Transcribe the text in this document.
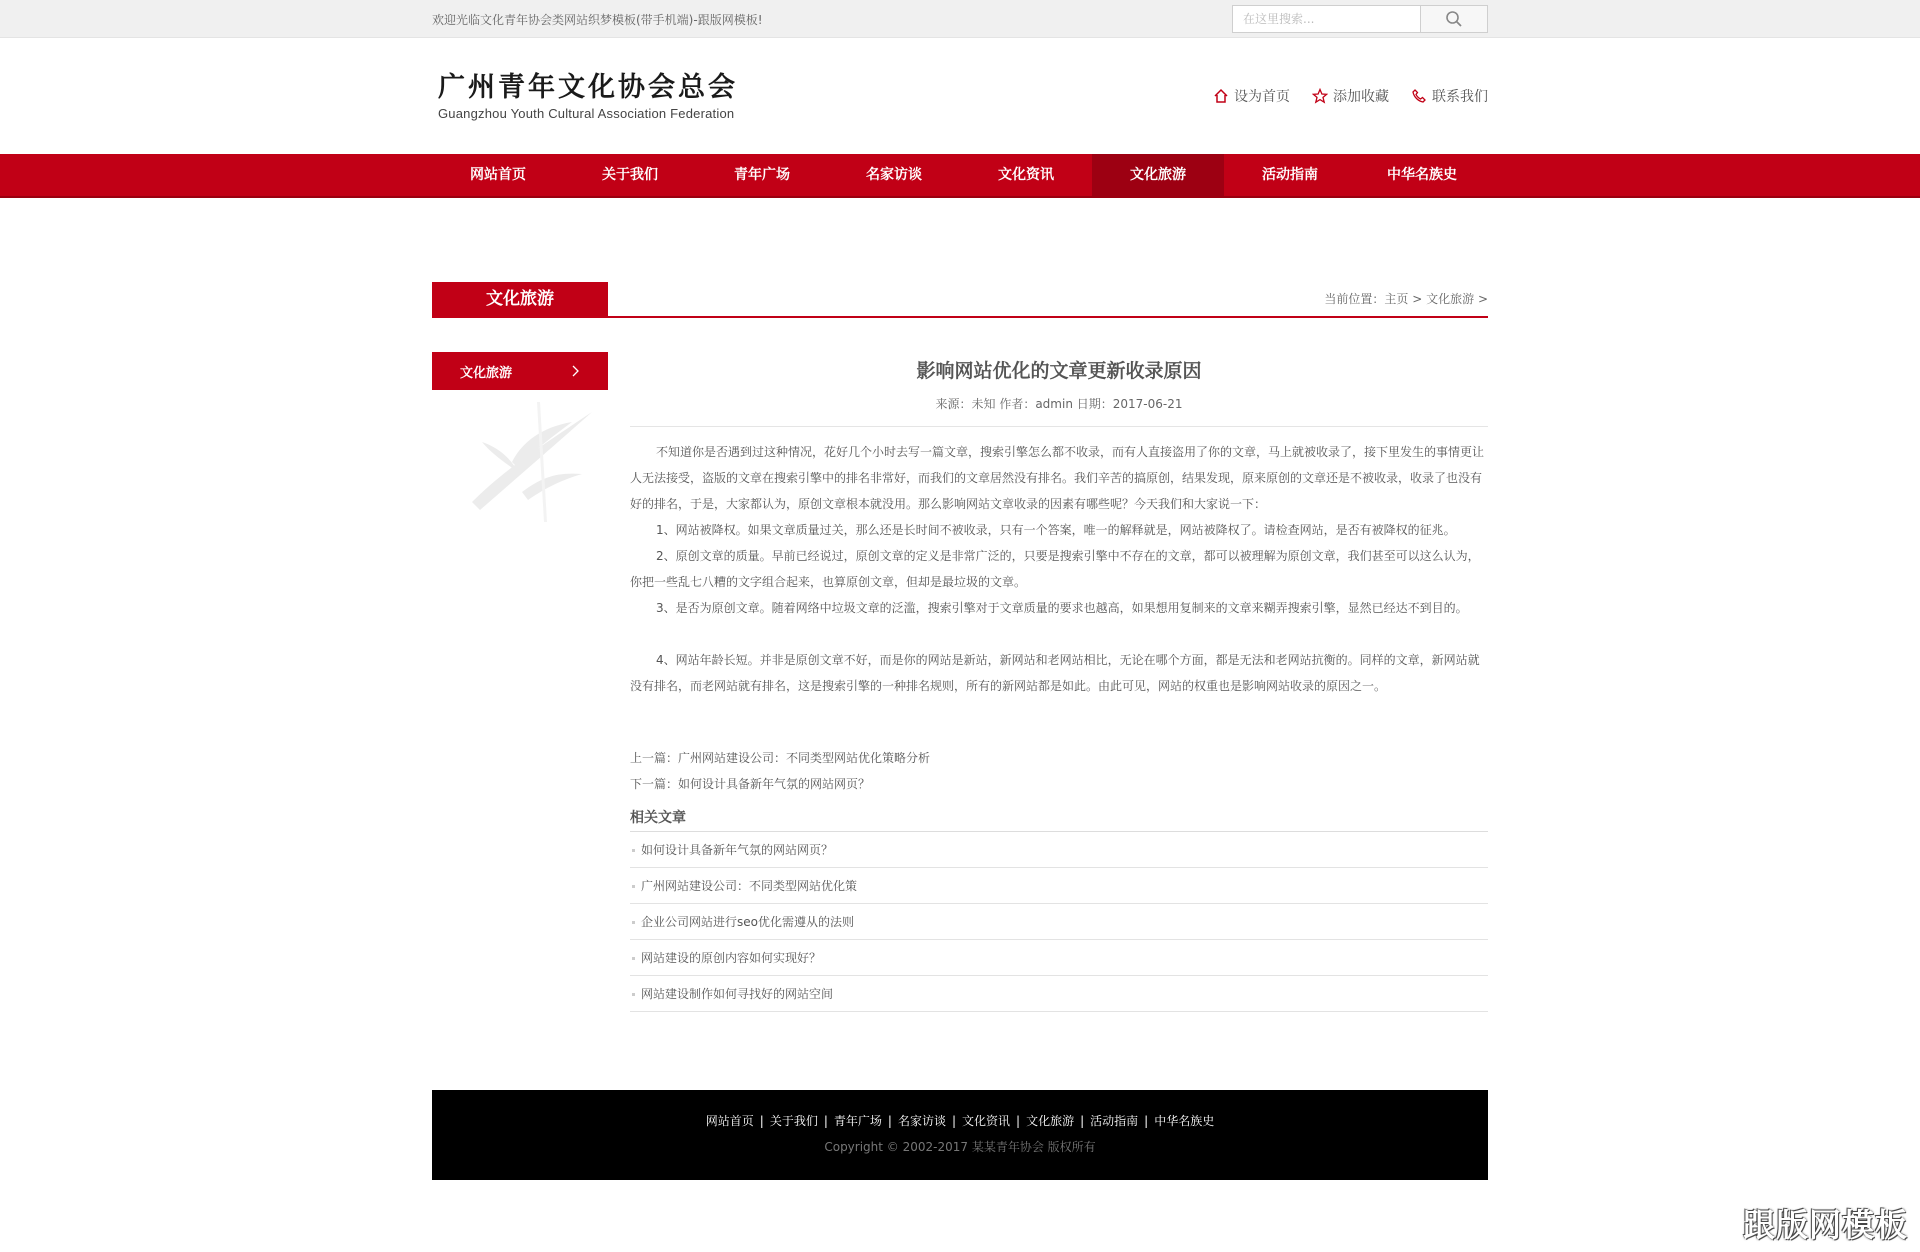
欢迎光临文化青年协会类网站织梦模板(带手机端)-跟版网模板!
在这里搜索...
广州青年文化协会总会
Guangzhou Youth Cultural Association Federation
设为首页	添加收藏	联系我们
网站首页	关于我们	青年广场	名家访谈	文化资讯	文化旅游	活动指南	中华名族史
文化旅游	当前位置：主页 > 文化旅游 >
文化旅游	影响网站优化的文章更新收录原因
来源：未知 作者：admin 日期：2017-06-21

不知道你是否遇到过这种情况，花好几个小时去写一篇文章，搜索引擎怎么都不收录，而有人直接盗用了你的文章，马上就被收录了，接下里发生的事情更让人无法接受，盗版的文章在搜索引擎中的排名非常好，而我们的文章居然没有排名。我们辛苦的搞原创，结果发现，原来原创的文章还是不被收录，收录了也没有好的排名，于是，大家都认为，原创文章根本就没用。那么影响网站文章收录的因素有哪些呢？今天我们和大家说一下：

1、网站被降权。如果文章质量过关，那么还是长时间不被收录，只有一个答案，唯一的解释就是，网站被降权了。请检查网站，是否有被降权的征兆。

2、原创文章的质量。早前已经说过，原创文章的定义是非常广泛的，只要是搜索引擎中不存在的文章，都可以被理解为原创文章，我们甚至可以这么认为，你把一些乱七八糟的文字组合起来，也算原创文章，但却是最垃圾的文章。

3、是否为原创文章。随着网络中垃圾文章的泛滥，搜索引擎对于文章质量的要求也越高，如果想用复制来的文章来糊弄搜索引擎，显然已经达不到目的。

4、网站年龄长短。并非是原创文章不好，而是你的网站是新站，新网站和老网站相比，无论在哪个方面，都是无法和老网站抗衡的。同样的文章，新网站就没有排名，而老网站就有排名，这是搜索引擎的一种排名规则，所有的新网站都是如此。由此可见，网站的权重也是影响网站收录的原因之一。

上一篇：广州网站建设公司：不同类型网站优化策略分析
下一篇：如何设计具备新年气氛的网站网页？
相关文章
如何设计具备新年气氛的网站网页？
广州网站建设公司：不同类型网站优化策
企业公司网站进行seo优化需遵从的法则
网站建设的原创内容如何实现好？
网站建设制作如何寻找好的网站空间
网站首页 | 关于我们 | 青年广场 | 名家访谈 | 文化资讯 | 文化旅游 | 活动指南 | 中华名族史
Copyright © 2002-2017 某某青年协会 版权所有
跟版网模板
